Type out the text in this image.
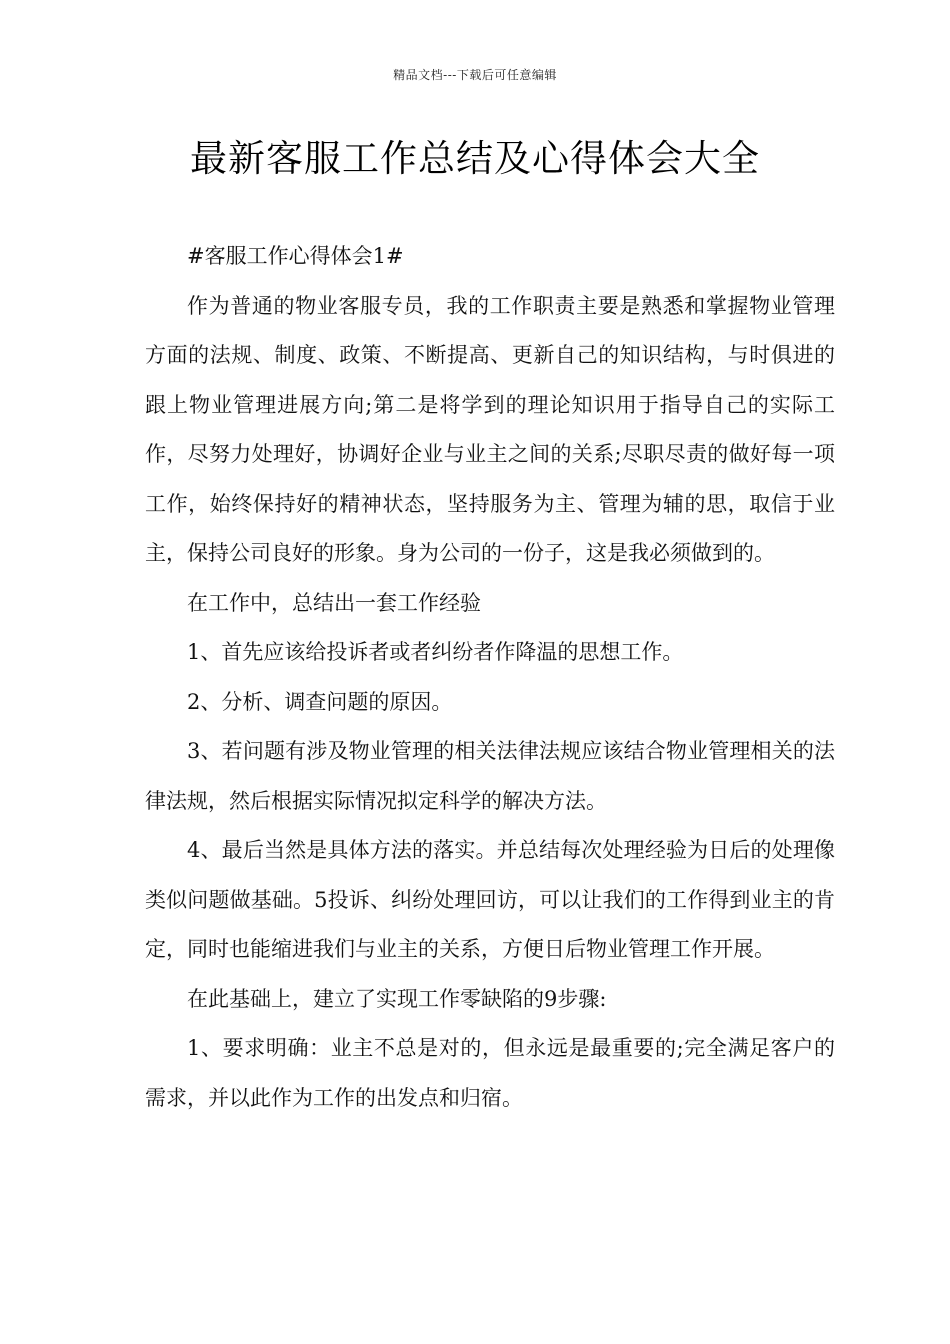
精品文档---下载后可任意编辑
最新客服工作总结及心得体会大全

#客服工作心得体会1#

作为普通的物业客服专员，我的工作职责主要是熟悉和掌握物业管理方面的法规、制度、政策、不断提高、更新自己的知识结构，与时俱进的跟上物业管理进展方向;第二是将学到的理论知识用于指导自己的实际工作，尽努力处理好，协调好企业与业主之间的关系;尽职尽责的做好每一项工作，始终保持好的精神状态，坚持服务为主、管理为辅的思，取信于业主，保持公司良好的形象。身为公司的一份子，这是我必须做到的。

在工作中，总结出一套工作经验

1、首先应该给投诉者或者纠纷者作降温的思想工作。

2、分析、调查问题的原因。

3、若问题有涉及物业管理的相关法律法规应该结合物业管理相关的法律法规，然后根据实际情况拟定科学的解决方法。

4、最后当然是具体方法的落实。并总结每次处理经验为日后的处理像类似问题做基础。5投诉、纠纷处理回访，可以让我们的工作得到业主的肯定，同时也能缩进我们与业主的关系，方便日后物业管理工作开展。

在此基础上，建立了实现工作零缺陷的9步骤:

1、要求明确：业主不总是对的，但永远是最重要的;完全满足客户的需求，并以此作为工作的出发点和归宿。
